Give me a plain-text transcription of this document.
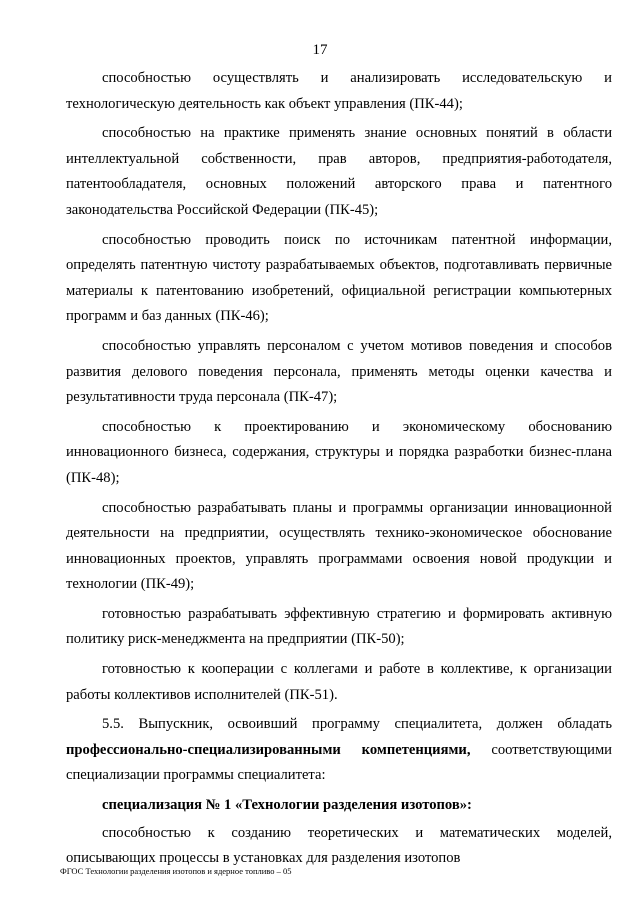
17

способностью осуществлять и анализировать исследовательскую и технологическую деятельность как объект управления (ПК-44);

способностью на практике применять знание основных понятий в области интеллектуальной собственности, прав авторов, предприятия-работодателя, патентообладателя, основных положений авторского права и патентного законодательства Российской Федерации (ПК-45);

способностью проводить поиск по источникам патентной информации, определять патентную чистоту разрабатываемых объектов, подготавливать первичные материалы к патентованию изобретений, официальной регистрации компьютерных программ и баз данных (ПК-46);

способностью управлять персоналом с учетом мотивов поведения и способов развития делового поведения персонала, применять методы оценки качества и результативности труда персонала (ПК-47);

способностью к проектированию и экономическому обоснованию инновационного бизнеса, содержания, структуры и порядка разработки бизнес-плана (ПК-48);

способностью разрабатывать планы и программы организации инновационной деятельности на предприятии, осуществлять технико-экономическое обоснование инновационных проектов, управлять программами освоения новой продукции и технологии (ПК-49);

готовностью разрабатывать эффективную стратегию и формировать активную политику риск-менеджмента на предприятии (ПК-50);

готовностью к кооперации с коллегами и работе в коллективе, к организации работы коллективов исполнителей (ПК-51).

5.5. Выпускник, освоивший программу специалитета, должен обладать профессионально-специализированными компетенциями, соответствующими специализации программы специалитета:

специализация № 1 «Технологии разделения изотопов»:

способностью к созданию теоретических и математических моделей, описывающих процессы в установках для разделения изотопов

ФГОС Технологии разделения изотопов и ядерное топливо – 05
